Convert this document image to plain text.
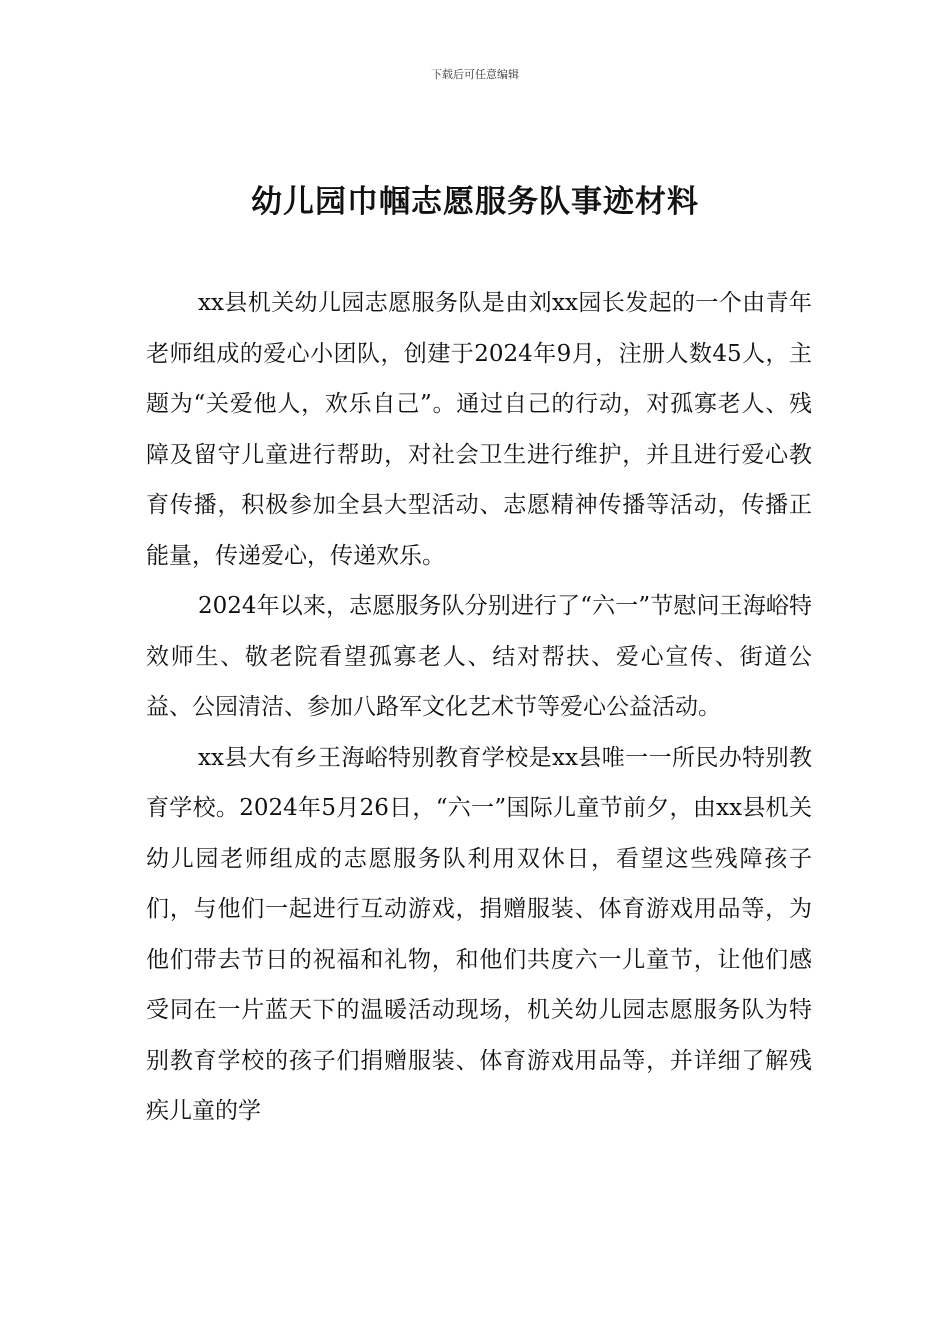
下载后可任意编辑
幼儿园巾帼志愿服务队事迹材料

xx县机关幼儿园志愿服务队是由刘xx园长发起的一个由青年老师组成的爱心小团队，创建于2024年9月，注册人数45人，主题为“关爱他人，欢乐自己”。通过自己的行动，对孤寡老人、残障及留守儿童进行帮助，对社会卫生进行维护，并且进行爱心教育传播，积极参加全县大型活动、志愿精神传播等活动，传播正能量，传递爱心，传递欢乐。

2024年以来，志愿服务队分别进行了“六一”节慰问王海峪特效师生、敬老院看望孤寡老人、结对帮扶、爱心宣传、街道公益、公园清洁、参加八路军文化艺术节等爱心公益活动。

xx县大有乡王海峪特别教育学校是xx县唯一一所民办特别教育学校。2024年5月26日，“六一”国际儿童节前夕，由xx县机关幼儿园老师组成的志愿服务队利用双休日，看望这些残障孩子们，与他们一起进行互动游戏，捐赠服装、体育游戏用品等，为他们带去节日的祝福和礼物，和他们共度六一儿童节，让他们感受同在一片蓝天下的温暖活动现场，机关幼儿园志愿服务队为特别教育学校的孩子们捐赠服装、体育游戏用品等，并详细了解残疾儿童的学
